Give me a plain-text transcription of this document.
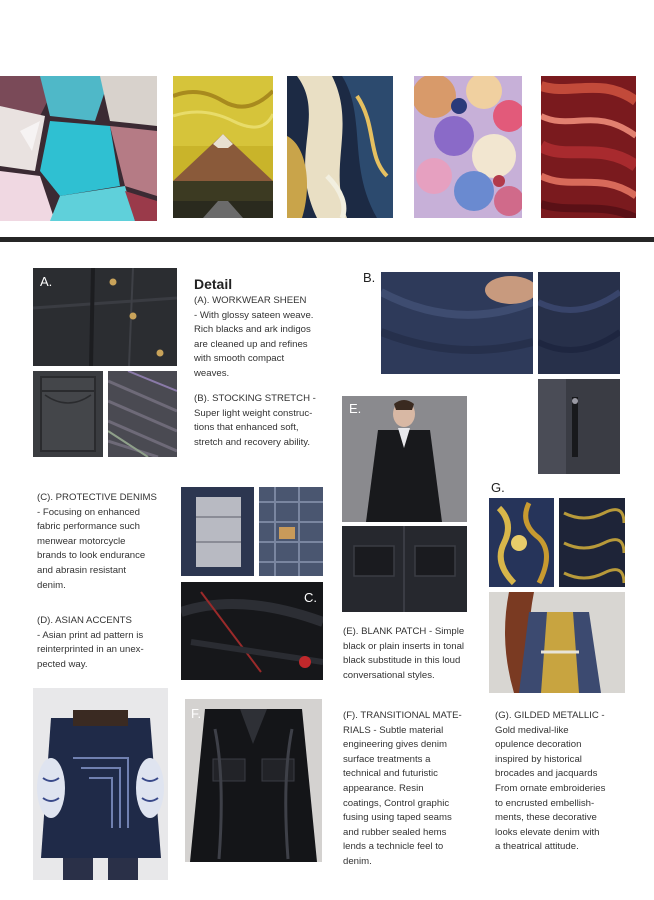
A.	Detail
(A). WORKWEAR SHEEN
- With glossy sateen weave.
Rich blacks and ark indigos
are cleaned up and refines
with smooth compact
weaves.
(B). STOCKING STRETCH -
Super light weight construc-
tions that enhanced soft,
stretch and recovery ability.
B.
E.
(E). BLANK PATCH - Simple
black or plain inserts in tonal
black substitude in this loud
conversational styles.
(C). PROTECTIVE DENIMS
- Focusing on enhanced
fabric performance such
menwear motorcycle
brands to look endurance
and abrasin resistant
denim.
C.
(D). ASIAN ACCENTS
- Asian print ad pattern is
reinterprinted in an unex-
pected way.
F.	(F). TRANSITIONAL MATE-
RIALS - Subtle material
engineering gives denim
surface treatments a
technical and futuristic
appearance. Resin
coatings, Control graphic
fusing using taped seams
and rubber sealed hems
lends a technicle feel to
denim.
G.
(G). GILDED METALLIC -
Gold medival-like
opulence decoration
inspired by historical
brocades and jacquards
From ornate embroideries
to encrusted embellish-
ments, these decorative
looks elevate denim with
a theatrical attitude.
